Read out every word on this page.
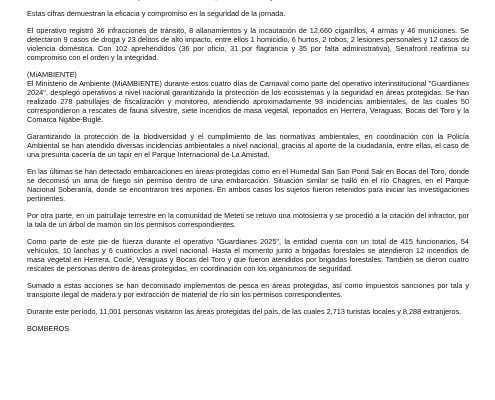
Estas cifras demuestran la eficacia y compromiso en la seguridad de la jornada.

El operativo registró 36 infracciones de tránsito, 8 allanamientos y la incautación de 12,660 cigarrillos, 4 armas y 46 municiones. Se detectaron 9 casos de droga y 23 delitos de alto impacto, entre ellos 1 homicidio, 6 hurtos, 2 robos, 2 lesiones personales y 12 casos de violencia doméstica. Con 102 aprehendidos (36 por oficio, 31 por flagrancia y 35 por falta administrativa), Senafront reafirma su compromiso con el orden y la integridad.

(MiAMBIENTE)

El Ministerio de Ambiente (MiAMBIENTE) durante estos cuatro días de Carnaval como parte del operativo interinstitucional "Guardianes 2024", desplegó operativos a nivel nacional garantizando la protección de los ecosistemas y la seguridad en áreas protegidas. Se han realizado 278 patrullajes de fiscalización y monitoreo, atendiendo aproximadamente 93 incidencias ambientales, de las cuales 50 correspondieron a rescates de fauna silvestre, siete incendios de masa vegetal, reportados en Herrera, Veraguas, Bocas del Toro y la Comarca Ngäbe-Buglé.

Garantizando la protección de la biodiversidad y el cumplimiento de las normativas ambientales, en coordinación con la Policía Ambiental se han atendido diversas incidencias ambientales a nivel nacional, gracias al aporte de la ciudadanía, entre ellas, el caso de una presunta cacería de un tapir en el Parque Internacional de La Amistad.

En las últimas se han detectado embarcaciones en áreas protegidas como en el Humedal San San Pond Sak en Bocas del Toro, donde se decomisó un ama de fuego sin permiso dentro de una embarcación. Situación similar se halló en el río Chagres, en el Parque Nacional Soberanía, donde se encontraron tres arpones. En ambos casos los sujetos fueron retenidos para iniciar las investigaciones pertinentes.

Por otra parte, en un patrullaje terrestre en la comunidad de Meteti se retuvo una motosierra y se procedió a la citación del infractor, por la tala de un árbol de mamón sin los permisos correspondientes.

Como parte de este pie de fuerza durante el operativo "Guardianes 2025", la entidad cuenta con un total de 415 funcionarios, 54 vehículos, 10 lanchas y 6 cuatriciclos a nivel nacional. Hasta el momento junto a brigadas forestales se atendieron 12 incendios de masa vegetal en Herrera, Coclé, Veraguas y Bocas del Toro y que fueron atendidos por brigadas forestales. También se dieron cuatro rescates de personas dentro de áreas protegidas, en coordinación con los organismos de seguridad.

Sumado a estas acciones se han decomisado implementos de pesca en áreas protegidas, así como impuestos sanciones por tala y transporte ilegal de madera y por extracción de material de río sin los permisos correspondientes.

Durante este período, 11,001 personas visitaron las áreas protegidas del país, de las cuales 2,713 turistas locales y 8,288 extranjeros.

BOMBEROS
